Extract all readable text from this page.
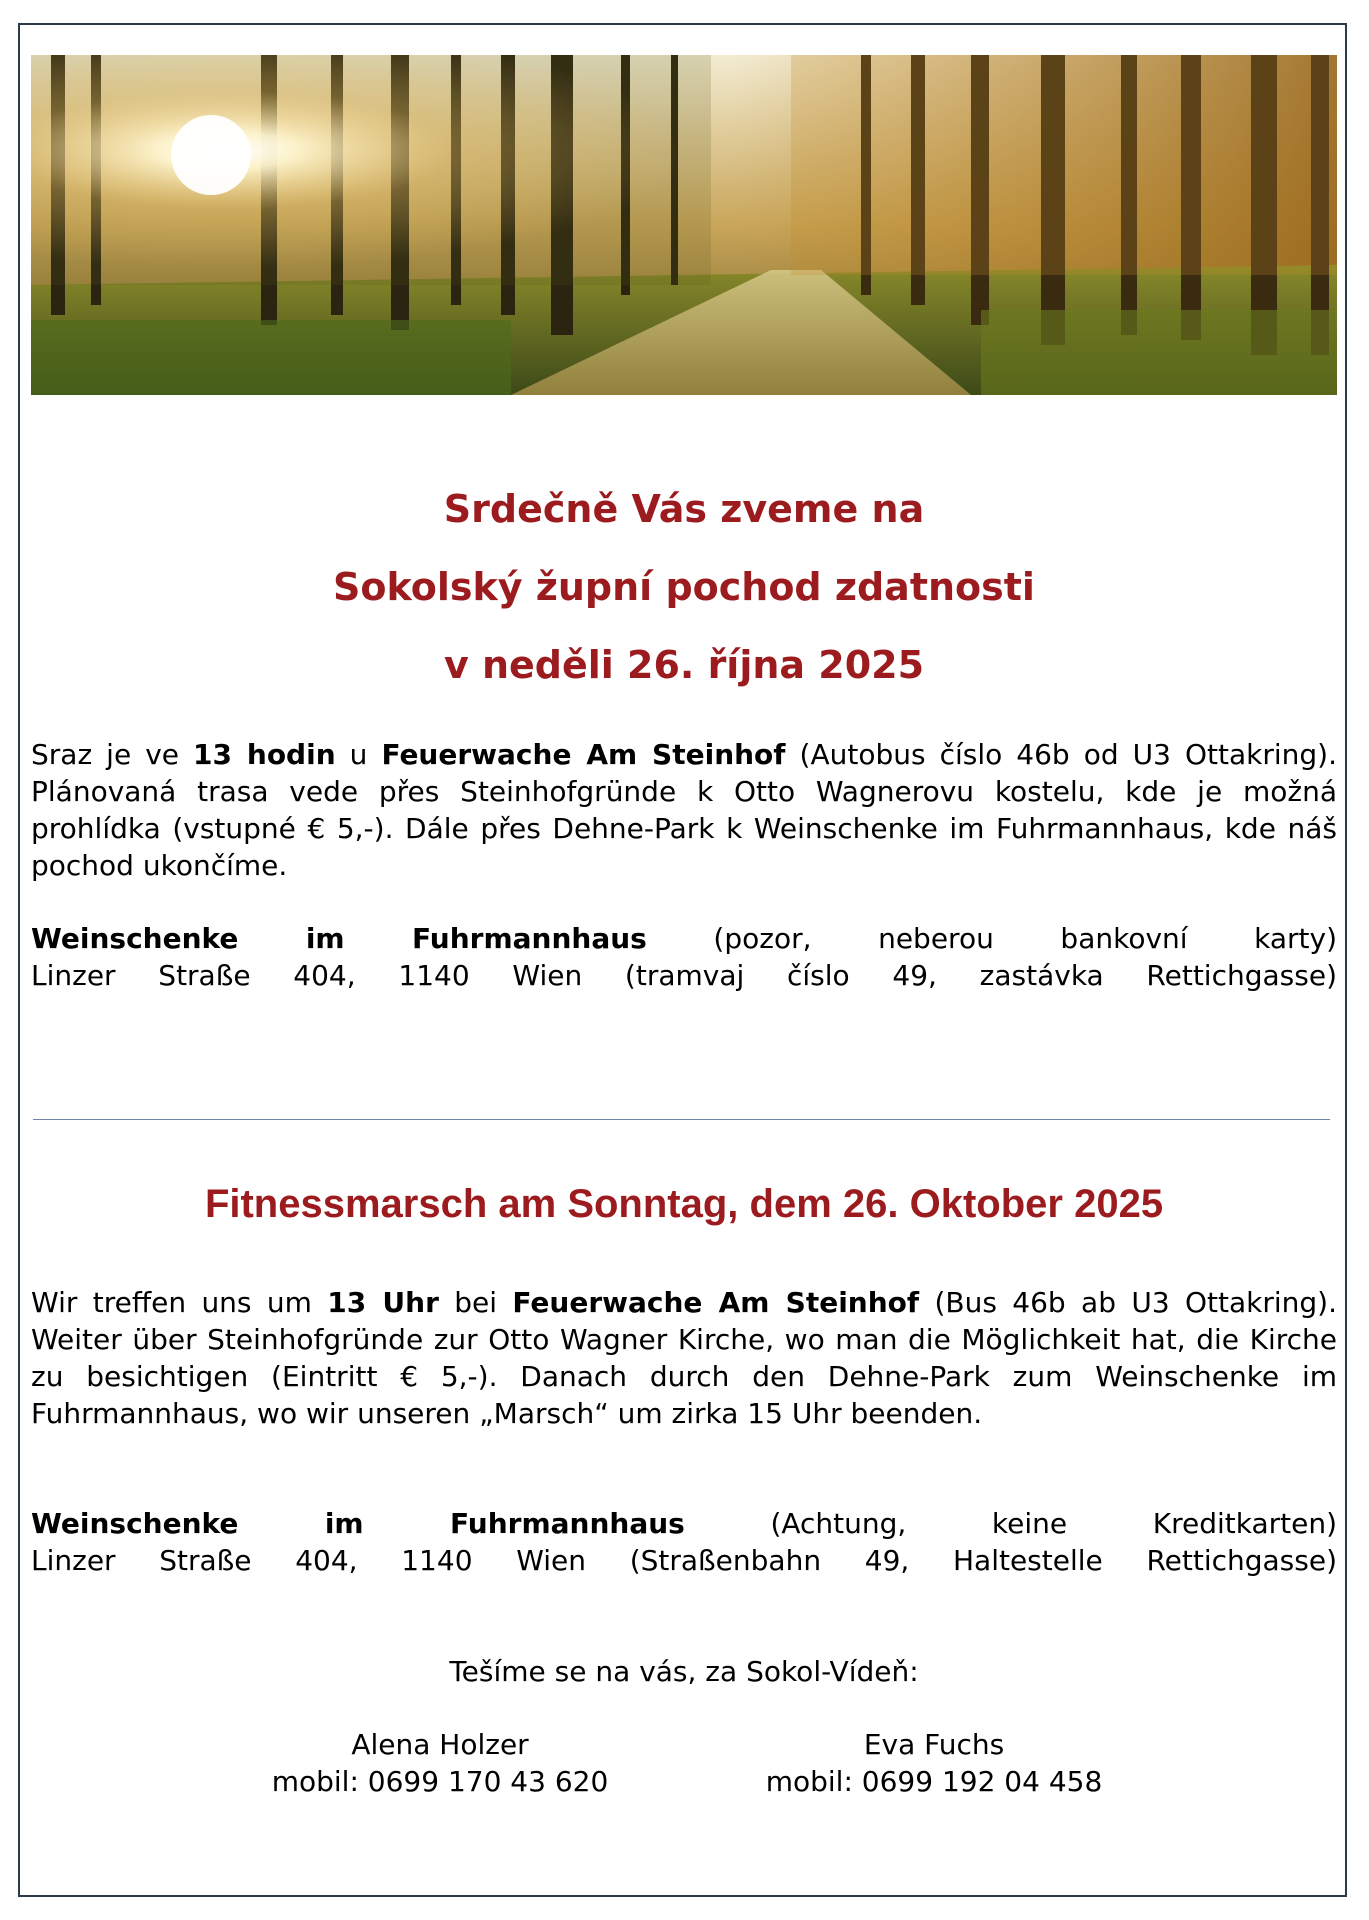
Srdečně Vás zveme na
Sokolský župní pochod zdatnosti
v neděli 26. října 2025

Sraz je ve 13 hodin u Feuerwache Am Steinhof (Autobus číslo 46b od U3 Ottakring). Plánovaná trasa vede přes Steinhofgründe k Otto Wagnerovu kostelu, kde je možná prohlídka (vstupné € 5,-). Dále přes Dehne-Park k Weinschenke im Fuhrmannhaus, kde náš pochod ukončíme.

Weinschenke im Fuhrmannhaus (pozor, neberou bankovní karty)

Linzer Straße 404, 1140 Wien (tramvaj číslo 49, zastávka Rettichgasse)

Fitnessmarsch am Sonntag, dem 26. Oktober 2025

Wir treffen uns um 13 Uhr bei Feuerwache Am Steinhof (Bus 46b ab U3 Ottakring). Weiter über Steinhofgründe zur Otto Wagner Kirche, wo man die Möglichkeit hat, die Kirche zu besichtigen (Eintritt € 5,-). Danach durch den Dehne-Park zum Weinschenke im Fuhrmannhaus, wo wir unseren „Marsch“ um zirka 15 Uhr beenden.

Weinschenke im Fuhrmannhaus (Achtung, keine Kreditkarten)

Linzer Straße 404, 1140 Wien (Straßenbahn 49, Haltestelle Rettichgasse)

Tešíme se na vás, za Sokol-Vídeň:
Alena Holzer
mobil: 0699 170 43 620
Eva Fuchs
mobil: 0699 192 04 458
